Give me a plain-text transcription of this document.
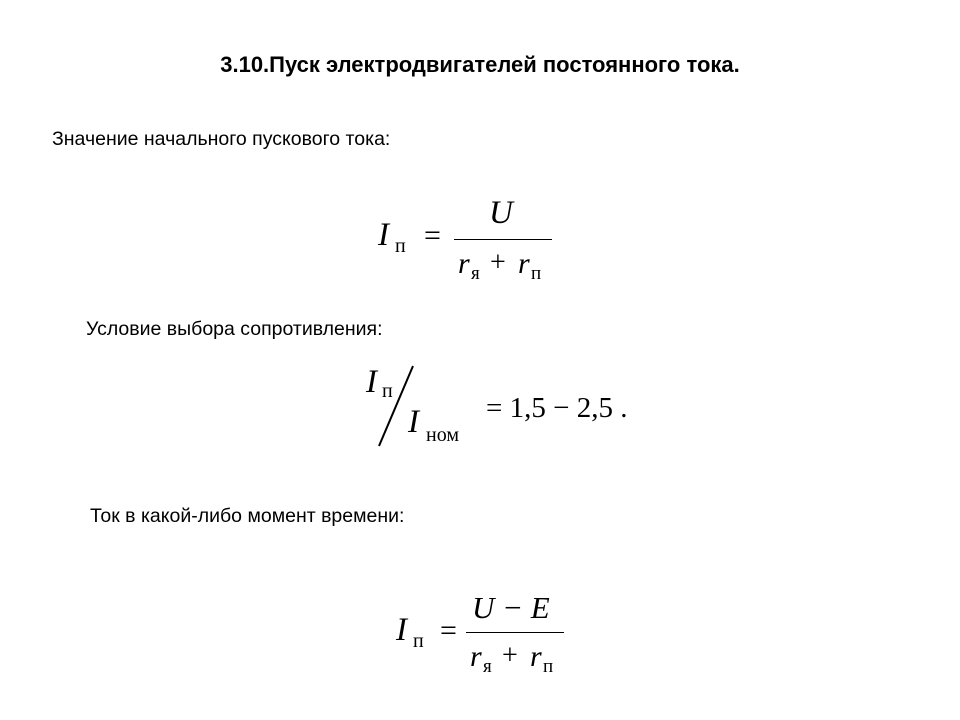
3.10.Пуск электродвигателей постоянного тока.
Значение начального пускового тока:
I п =
U
r я + r п
Условие выбора сопротивления:
I п
I ном
= 1,5 − 2,5 .
Ток в какой-либо момент времени:
I п =
U − E
r я + r п
